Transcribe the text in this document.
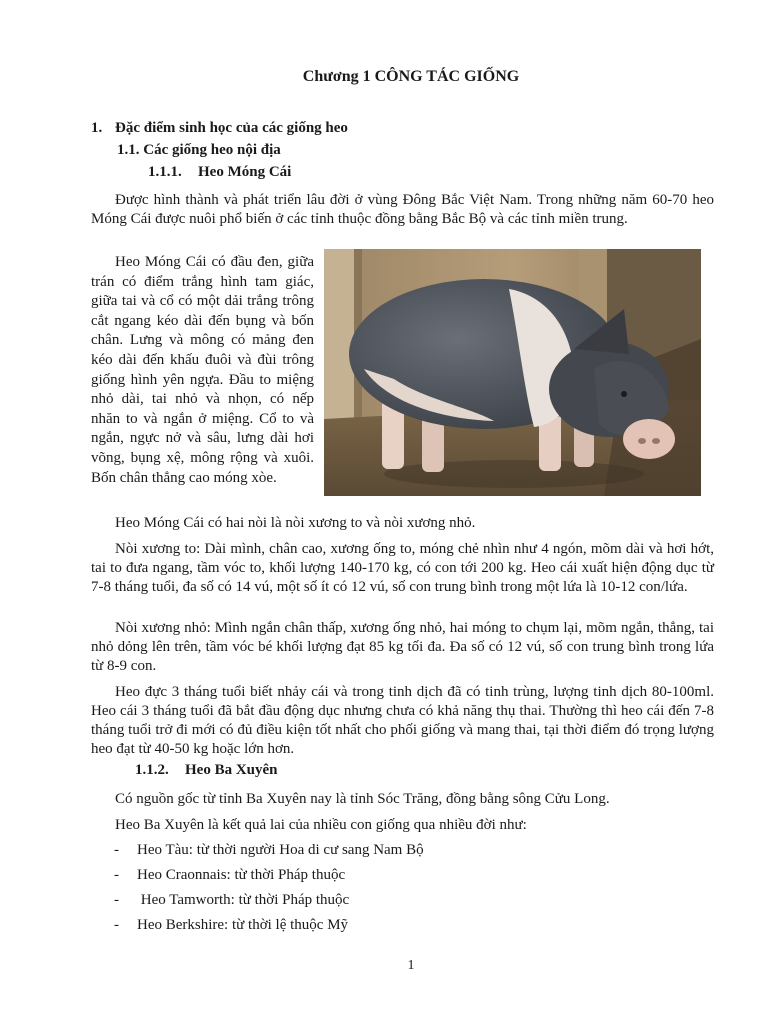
Chương 1 CÔNG TÁC GIỐNG
1. Đặc điểm sinh học của các giống heo
1.1. Các giống heo nội địa
1.1.1. Heo Móng Cái

Được hình thành và phát triển lâu đời ở vùng Đông Bắc Việt Nam. Trong những năm 60-70 heo Móng Cái được nuôi phổ biến ở các tỉnh thuộc đồng bằng Bắc Bộ và các tỉnh miền trung.

Heo Móng Cái có đầu đen, giữa trán có điểm trắng hình tam giác, giữa tai và cổ có một dải trắng trông cắt ngang kéo dài đến bụng và bốn chân. Lưng và mông có mảng đen kéo dài đến khấu đuôi và đùi trông giống hình yên ngựa. Đầu to miệng nhỏ dài, tai nhỏ và nhọn, có nếp nhăn to và ngắn ở miệng. Cổ to và ngắn, ngực nở và sâu, lưng dài hơi võng, bụng xệ, mông rộng và xuôi. Bốn chân thẳng cao móng xòe.

Heo Móng Cái có hai nòi là nòi xương to và nòi xương nhỏ.

Nòi xương to: Dài mình, chân cao, xương ống to, móng chẻ nhìn như 4 ngón, mõm dài và hơi hớt, tai to đưa ngang, tầm vóc to, khối lượng 140-170 kg, có con tới 200 kg. Heo cái xuất hiện động dục từ 7-8 tháng tuổi, đa số có 14 vú, một số ít có 12 vú, số con trung bình trong một lứa là 10-12 con/lứa.

Nòi xương nhỏ: Mình ngắn chân thấp, xương ống nhỏ, hai móng to chụm lại, mõm ngắn, thẳng, tai nhỏ dỏng lên trên, tầm vóc bé khối lượng đạt 85 kg tối đa. Đa số có 12 vú, số con trung bình trong lứa từ 8-9 con.

Heo đực 3 tháng tuổi biết nhảy cái và trong tinh dịch đã có tinh trùng, lượng tinh dịch 80-100ml. Heo cái 3 tháng tuổi đã bắt đầu động dục nhưng chưa có khả năng thụ thai. Thường thì heo cái đến 7-8 tháng tuổi trở đi mới có đủ điều kiện tốt nhất cho phối giống và mang thai, tại thời điểm đó trọng lượng heo đạt từ 40-50 kg hoặc lớn hơn.

1.1.2. Heo Ba Xuyên

Có nguồn gốc từ tỉnh Ba Xuyên nay là tỉnh Sóc Trăng, đồng bằng sông Cửu Long.

Heo Ba Xuyên là kết quả lai của nhiều con giống qua nhiều đời như:

- Heo Tàu: từ thời người Hoa di cư sang Nam Bộ
- Heo Craonnais: từ thời Pháp thuộc
- Heo Tamworth: từ thời Pháp thuộc
- Heo Berkshire: từ thời lệ thuộc Mỹ
1
